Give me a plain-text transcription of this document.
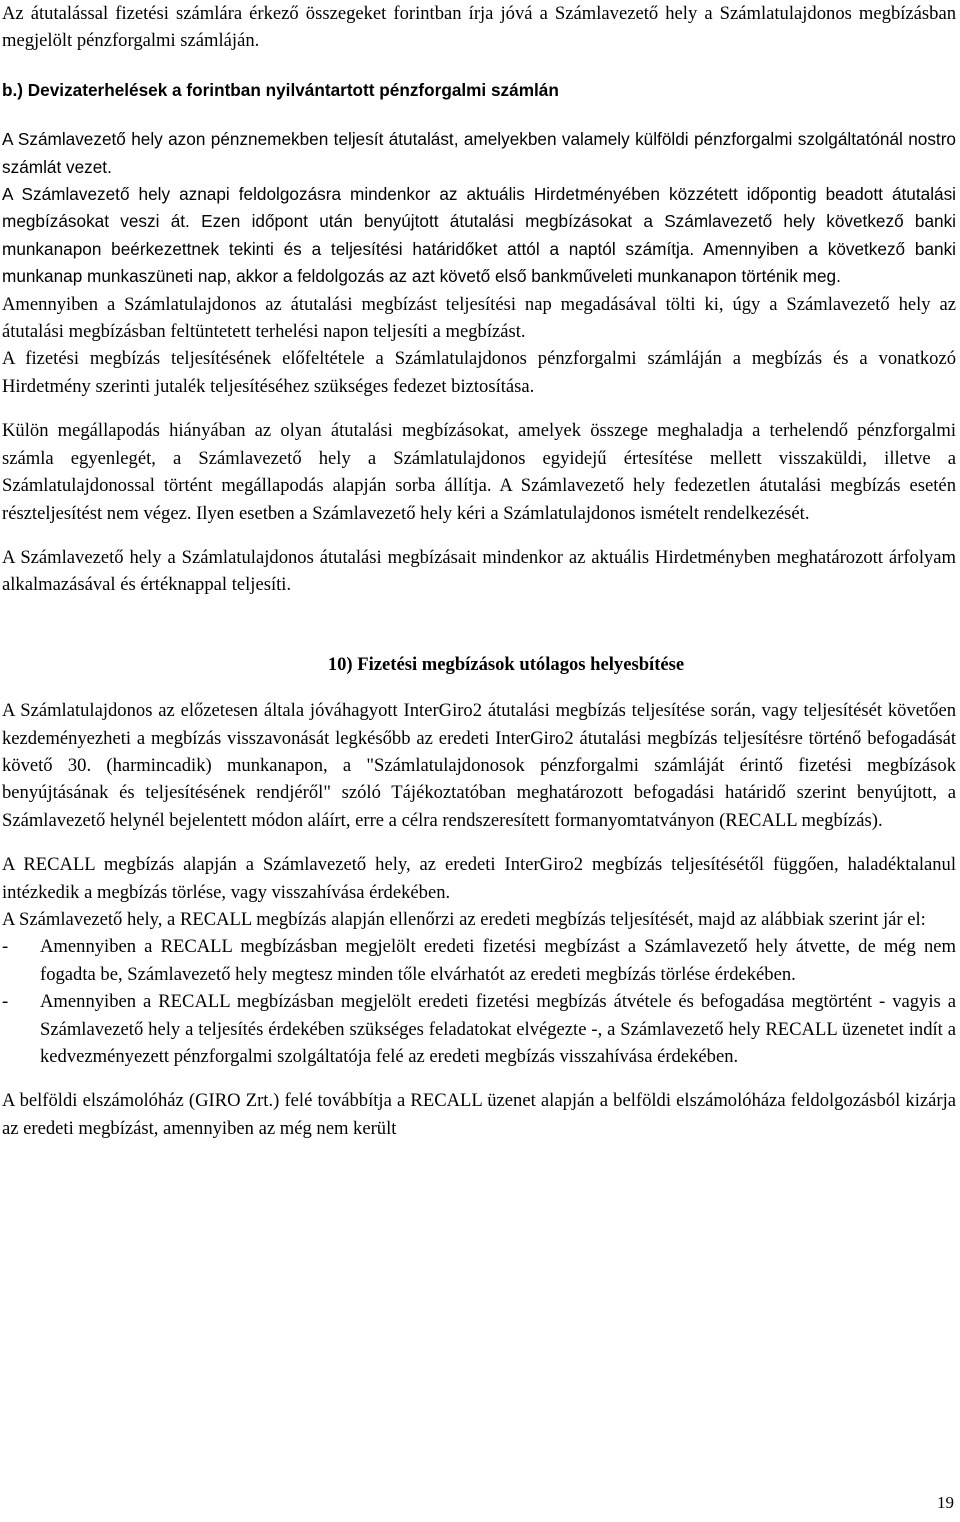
Az átutalással fizetési számlára érkező összegeket forintban írja jóvá a Számlavezető hely a Számlatulajdonos megbízásban megjelölt pénzforgalmi számláján.

b.) Devizaterhelések a forintban nyilvántartott pénzforgalmi számlán

A Számlavezető hely azon pénznemekben teljesít átutalást, amelyekben valamely külföldi pénzforgalmi szolgáltatónál nostro számlát vezet.

A Számlavezető hely aznapi feldolgozásra mindenkor az aktuális Hirdetményében közzétett időpontig beadott átutalási megbízásokat veszi át. Ezen időpont után benyújtott átutalási megbízásokat a Számlavezető hely következő banki munkanapon beérkezettnek tekinti és a teljesítési határidőket attól a naptól számítja. Amennyiben a következő banki munkanap munkaszüneti nap, akkor a feldolgozás az azt követő első bankműveleti munkanapon történik meg.

Amennyiben a Számlatulajdonos az átutalási megbízást teljesítési nap megadásával tölti ki, úgy a Számlavezető hely az átutalási megbízásban feltüntetett terhelési napon teljesíti a megbízást.

A fizetési megbízás teljesítésének előfeltétele a Számlatulajdonos pénzforgalmi számláján a megbízás és a vonatkozó Hirdetmény szerinti jutalék teljesítéséhez szükséges fedezet biztosítása.

Külön megállapodás hiányában az olyan átutalási megbízásokat, amelyek összege meghaladja a terhelendő pénzforgalmi számla egyenlegét, a Számlavezető hely a Számlatulajdonos egyidejű értesítése mellett visszaküldi, illetve a Számlatulajdonossal történt megállapodás alapján sorba állítja. A Számlavezető hely fedezetlen átutalási megbízás esetén részteljesítést nem végez. Ilyen esetben a Számlavezető hely kéri a Számlatulajdonos ismételt rendelkezését.

A Számlavezető hely a Számlatulajdonos átutalási megbízásait mindenkor az aktuális Hirdetményben meghatározott árfolyam alkalmazásával és értéknappal teljesíti.

10) Fizetési megbízások utólagos helyesbítése

A Számlatulajdonos az előzetesen általa jóváhagyott InterGiro2 átutalási megbízás teljesítése során, vagy teljesítését követően kezdeményezheti a megbízás visszavonását legkésőbb az eredeti InterGiro2 átutalási megbízás teljesítésre történő befogadását követő 30. (harmincadik) munkanapon, a "Számlatulajdonosok pénzforgalmi számláját érintő fizetési megbízások benyújtásának és teljesítésének rendjéről" szóló Tájékoztatóban meghatározott befogadási határidő szerint benyújtott, a Számlavezető helynél bejelentett módon aláírt, erre a célra rendszeresített formanyomtatványon (RECALL megbízás).

A RECALL megbízás alapján a Számlavezető hely, az eredeti InterGiro2 megbízás teljesítésétől függően, haladéktalanul intézkedik a megbízás törlése, vagy visszahívása érdekében.

A Számlavezető hely, a RECALL megbízás alapján ellenőrzi az eredeti megbízás teljesítését, majd az alábbiak szerint jár el:

-	Amennyiben a RECALL megbízásban megjelölt eredeti fizetési megbízást a Számlavezető hely átvette, de még nem fogadta be, Számlavezető hely megtesz minden tőle elvárhatót az eredeti megbízás törlése érdekében.
-	Amennyiben a RECALL megbízásban megjelölt eredeti fizetési megbízás átvétele és befogadása megtörtént - vagyis a Számlavezető hely a teljesítés érdekében szükséges feladatokat elvégezte -, a Számlavezető hely RECALL üzenetet indít a kedvezményezett pénzforgalmi szolgáltatója felé az eredeti megbízás visszahívása érdekében.

A belföldi elszámolóház (GIRO Zrt.) felé továbbítja a RECALL üzenet alapján a belföldi elszámolóháza feldolgozásból kizárja az eredeti megbízást, amennyiben az még nem került

19
